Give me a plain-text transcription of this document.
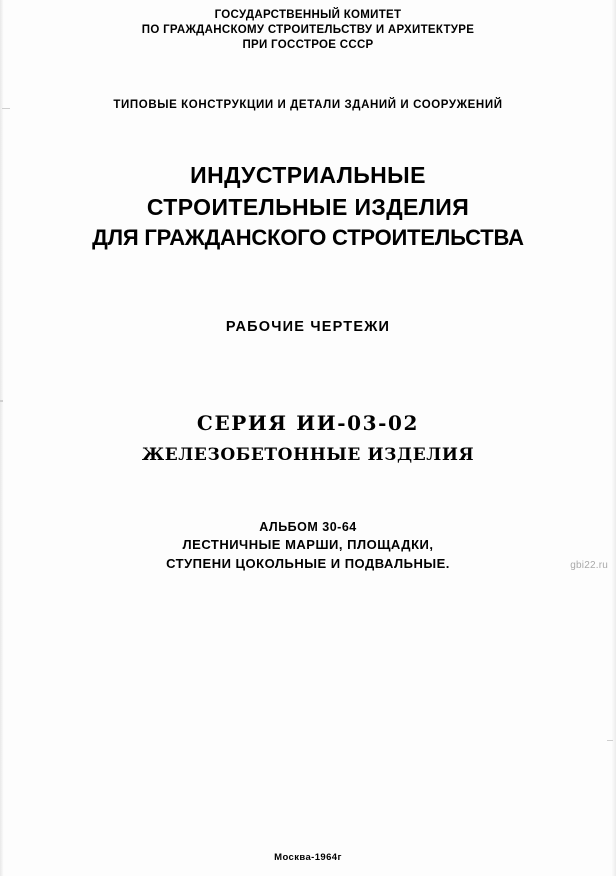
ГОСУДАРСТВЕННЫЙ КОМИТЕТ
ПО ГРАЖДАНСКОМУ СТРОИТЕЛЬСТВУ И АРХИТЕКТУРЕ
ПРИ ГОССТРОЕ СССР
ТИПОВЫЕ КОНСТРУКЦИИ И ДЕТАЛИ ЗДАНИЙ И СООРУЖЕНИЙ
ИНДУСТРИАЛЬНЫЕ
СТРОИТЕЛЬНЫЕ ИЗДЕЛИЯ
ДЛЯ ГРАЖДАНСКОГО СТРОИТЕЛЬСТВА
РАБОЧИЕ ЧЕРТЕЖИ
СЕРИЯ ИИ-03-02
ЖЕЛЕЗОБЕТОННЫЕ ИЗДЕЛИЯ
АЛЬБОМ 30-64
ЛЕСТНИЧНЫЕ МАРШИ, ПЛОЩАДКИ,
СТУПЕНИ ЦОКОЛЬНЫЕ И ПОДВАЛЬНЫЕ.	gbi22.ru
Москва-1964г
